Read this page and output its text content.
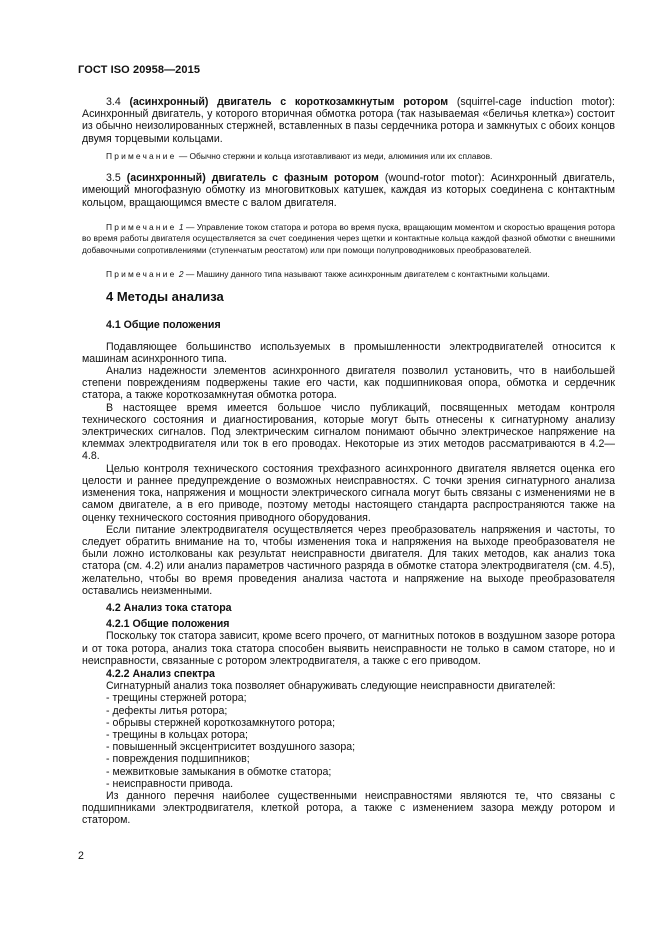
ГОСТ ISO 20958—2015

3.4 (асинхронный) двигатель с короткозамкнутым ротором (squirrel-cage induction motor): Асинхронный двигатель, у которого вторичная обмотка ротора (так называемая «беличья клетка») состоит из обычно неизолированных стержней, вставленных в пазы сердечника ротора и замкнутых с обоих концов двумя торцевыми кольцами.

Примечание — Обычно стержни и кольца изготавливают из меди, алюминия или их сплавов.

3.5 (асинхронный) двигатель с фазным ротором (wound-rotor motor): Асинхронный двигатель, имеющий многофазную обмотку из многовитковых катушек, каждая из которых соединена с контактным кольцом, вращающимся вместе с валом двигателя.

Примечание 1 — Управление током статора и ротора во время пуска, вращающим моментом и скоростью вращения ротора во время работы двигателя осуществляется за счет соединения через щетки и контактные кольца каждой фазной обмотки с внешними добавочными сопротивлениями (ступенчатым реостатом) или при помощи полупроводниковых преобразователей.

Примечание 2 — Машину данного типа называют также асинхронным двигателем с контактными кольцами.

4 Методы анализа
4.1 Общие положения

Подавляющее большинство используемых в промышленности электродвигателей относится к машинам асинхронного типа.

Анализ надежности элементов асинхронного двигателя позволил установить, что в наибольшей степени повреждениям подвержены такие его части, как подшипниковая опора, обмотка и сердечник статора, а также короткозамкнутая обмотка ротора.

В настоящее время имеется большое число публикаций, посвященных методам контроля технического состояния и диагностирования, которые могут быть отнесены к сигнатурному анализу электрических сигналов. Под электрическим сигналом понимают обычно электрическое напряжение на клеммах электродвигателя или ток в его проводах. Некоторые из этих методов рассматриваются в 4.2—4.8.

Целью контроля технического состояния трехфазного асинхронного двигателя является оценка его целости и раннее предупреждение о возможных неисправностях. С точки зрения сигнатурного анализа изменения тока, напряжения и мощности электрического сигнала могут быть связаны с изменениями не в самом двигателе, а в его приводе, поэтому методы настоящего стандарта распространяются также на оценку технического состояния приводного оборудования.

Если питание электродвигателя осуществляется через преобразователь напряжения и частоты, то следует обратить внимание на то, чтобы изменения тока и напряжения на выходе преобразователя не были ложно истолкованы как результат неисправности двигателя. Для таких методов, как анализ тока статора (см. 4.2) или анализ параметров частичного разряда в обмотке статора электродвигателя (см. 4.5), желательно, чтобы во время проведения анализа частота и напряжение на выходе преобразователя оставались неизменными.

4.2 Анализ тока статора
4.2.1 Общие положения

Поскольку ток статора зависит, кроме всего прочего, от магнитных потоков в воздушном зазоре ротора и от тока ротора, анализ тока статора способен выявить неисправности не только в самом статоре, но и неисправности, связанные с ротором электродвигателя, а также с его приводом.

4.2.2 Анализ спектра

Сигнатурный анализ тока позволяет обнаруживать следующие неисправности двигателей:

- трещины стержней ротора;
- дефекты литья ротора;
- обрывы стержней короткозамкнутого ротора;
- трещины в кольцах ротора;
- повышенный эксцентриситет воздушного зазора;
- повреждения подшипников;
- межвитковые замыкания в обмотке статора;
- неисправности привода.

Из данного перечня наиболее существенными неисправностями являются те, что связаны с подшипниками электродвигателя, клеткой ротора, а также с изменением зазора между ротором и статором.

2
